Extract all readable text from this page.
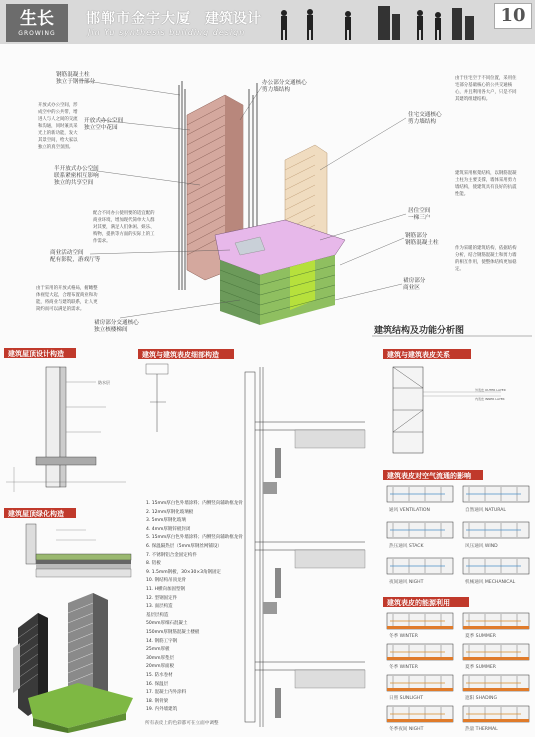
生长
GROWING
邯郸市金宇大厦 建筑设计
Jin Yu synthesis building design
10
钢筋混凝土柱
独立于钢骨部分
开放式办公空间
独立空中花园
半开放式办公空间
联系紧密相互影响
独立的共享空间
商业活动空间
配有影院，游戏厅等
裙房部分交通核心
独立核楼梯间
开放式办公空间，形成空中的公共带，增进人与人之间的交流和沟通，同时兼具采光上的新功能，发大其景空间，给大家以独立的真空氛围。
配合不同办公使用要的适宜配的商业环境，增加现代简单大人群对其要，满足人们休闲、娱乐、购物，提供等方面的实际上的工作需求。
由于采用的开放式格局，俯瞰整体视觉大起，合理布置商业和功能，将商业与建筑联系，让人更简约而可以满足的需求。
办公部分交通核心
剪力墙结构
住宅交通核心
剪力墙结构
居住空间
一梯三户
钢筋部分
钢筋混凝土柱
裙房部分
商业区
由于住宅空于不同位置，采用住宅部分基础核心的公共交通核心，并且利用各大户，只是不同其建筑组建结构。
建筑采用框架结构，以钢筋混凝土柱为主要支撑，墙体采用剪力墙结构，使建筑具有良好的抗震性能。
作为采暖的建筑结构，依据结构分析，结合钢筋混凝土和剪力墙的相互作用，使整体结构更加稳定。
建筑结构及功能分析图
建筑屋顶设计构造
防水层
建筑屋顶绿化构造
建筑与建筑表皮细部构造
1. 15mm厚白色外墙涂料；内侧竖向辅助框龙骨
2. 12mm厚钢化玻璃板
3. 5mm厚钢化玻璃
4. 4mm厚镀锌板封闭
5. 15mm厚白色外墙涂料；内侧竖向辅助框龙骨
6. 保温隔热层（5mm厚钢丝网铺设）
7. 不锈钢铝合金固定构件
8. 铝板
9. 1.5mm钢板，30×30×3角钢固定
10. 钢结构吊顶龙骨
11. H横向加固型钢
12. 型钢固定件
13. 面层构造
基层层构造
50mm厚细石混凝土
150mm厚钢筋混凝土楼板
14. 钢筋工字钢
25mm厚板
30mm厚垫层
20mm厚面板
15. 防水卷材
16. 保温层
17. 混凝土内外涂料
18. 钢骨梁
19. 内外墙建筑
所有表皮上的色彩都可在立面中调整
建筑与建筑表皮关系
外表皮 OUTER LAYER
内表皮 INNER LAYER
建筑表皮对空气流通的影响
通风 VENTILATION	自然通风 NATURAL
热压通风 STACK	风压通风 WIND
夜间通风 NIGHT	机械通风 MECHANICAL
建筑表皮的能源利用
冬季 WINTER	夏季 SUMMER
冬季 WINTER	夏季 SUMMER
日照 SUNLIGHT	遮阳 SHADING
冬季夜间 NIGHT	热量 THERMAL
